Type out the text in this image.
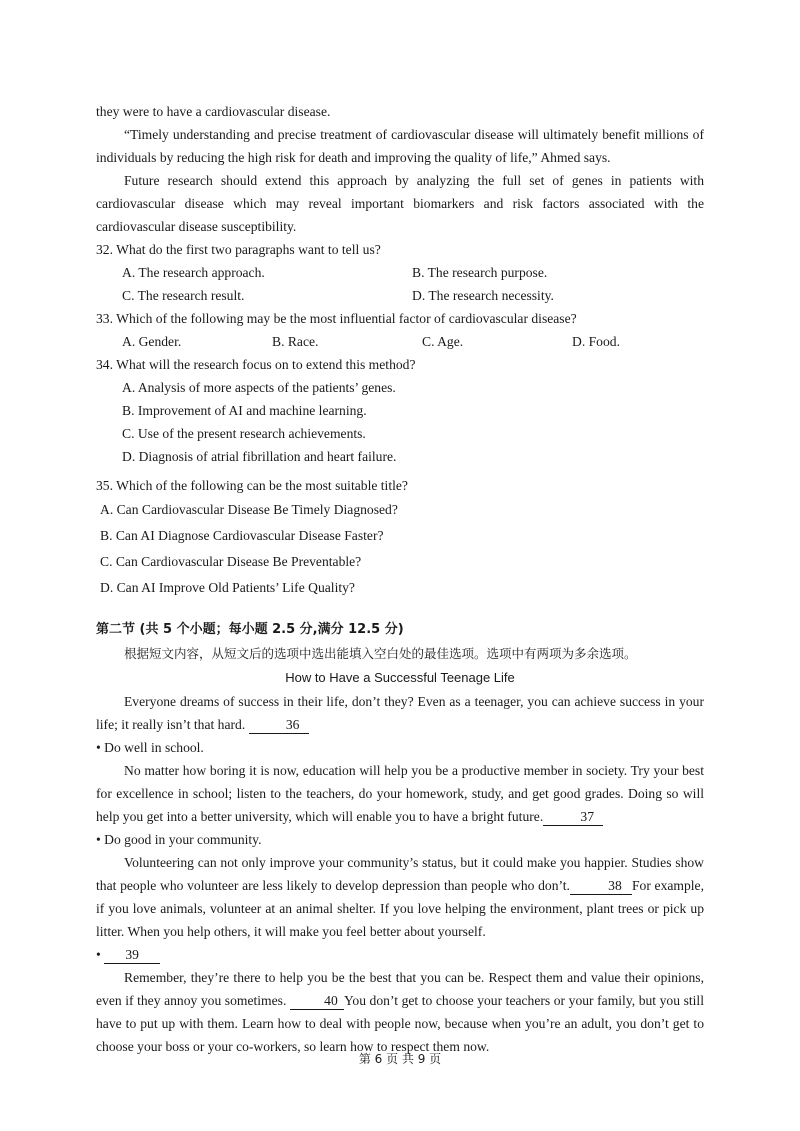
they were to have a cardiovascular disease.

“Timely understanding and precise treatment of cardiovascular disease will ultimately benefit millions of individuals by reducing the high risk for death and improving the quality of life,” Ahmed says.

Future research should extend this approach by analyzing the full set of genes in patients with cardiovascular disease which may reveal important biomarkers and risk factors associated with the cardiovascular disease susceptibility.

32. What do the first two paragraphs want to tell us?
A. The research approach.	B. The research purpose.
C. The research result.	D. The research necessity.
33. Which of the following may be the most influential factor of cardiovascular disease?
A. Gender.	B. Race.	C. Age.	D. Food.
34. What will the research focus on to extend this method?
A. Analysis of more aspects of the patients’ genes.
B. Improvement of AI and machine learning.
C. Use of the present research achievements.
D. Diagnosis of atrial fibrillation and heart failure.
35. Which of the following can be the most suitable title?
A. Can Cardiovascular Disease Be Timely Diagnosed?
B. Can AI Diagnose Cardiovascular Disease Faster?
C. Can Cardiovascular Disease Be Preventable?
D. Can AI Improve Old Patients’ Life Quality?
第二节 (共 5 个小题；每小题 2.5 分,满分 12.5 分)
根据短文内容，从短文后的选项中选出能填入空白处的最佳选项。选项中有两项为多余选项。
How to Have a Successful Teenage Life

Everyone dreams of success in their life, don’t they? Even as a teenager, you can achieve success in your life; it really isn’t that hard.	36

• Do well in school.

No matter how boring it is now, education will help you be a productive member in society. Try your best for excellence in school; listen to the teachers, do your homework, study, and get good grades. Doing so will help you get into a better university, which will enable you to have a bright future.	37

• Do good in your community.

Volunteering can not only improve your community’s status, but it could make you happier. Studies show that people who volunteer are less likely to develop depression than people who don’t.	38 For example, if you love animals, volunteer at an animal shelter. If you love helping the environment, plant trees or pick up litter. When you help others, it will make you feel better about yourself.

• 39

Remember, they’re there to help you be the best that you can be. Respect them and value their opinions, even if they annoy you sometimes.	40 You don’t get to choose your teachers or your family, but you still have to put up with them. Learn how to deal with people now, because when you’re an adult, you don’t get to choose your boss or your co-workers, so learn how to respect them now.

第 6 页 共 9 页
